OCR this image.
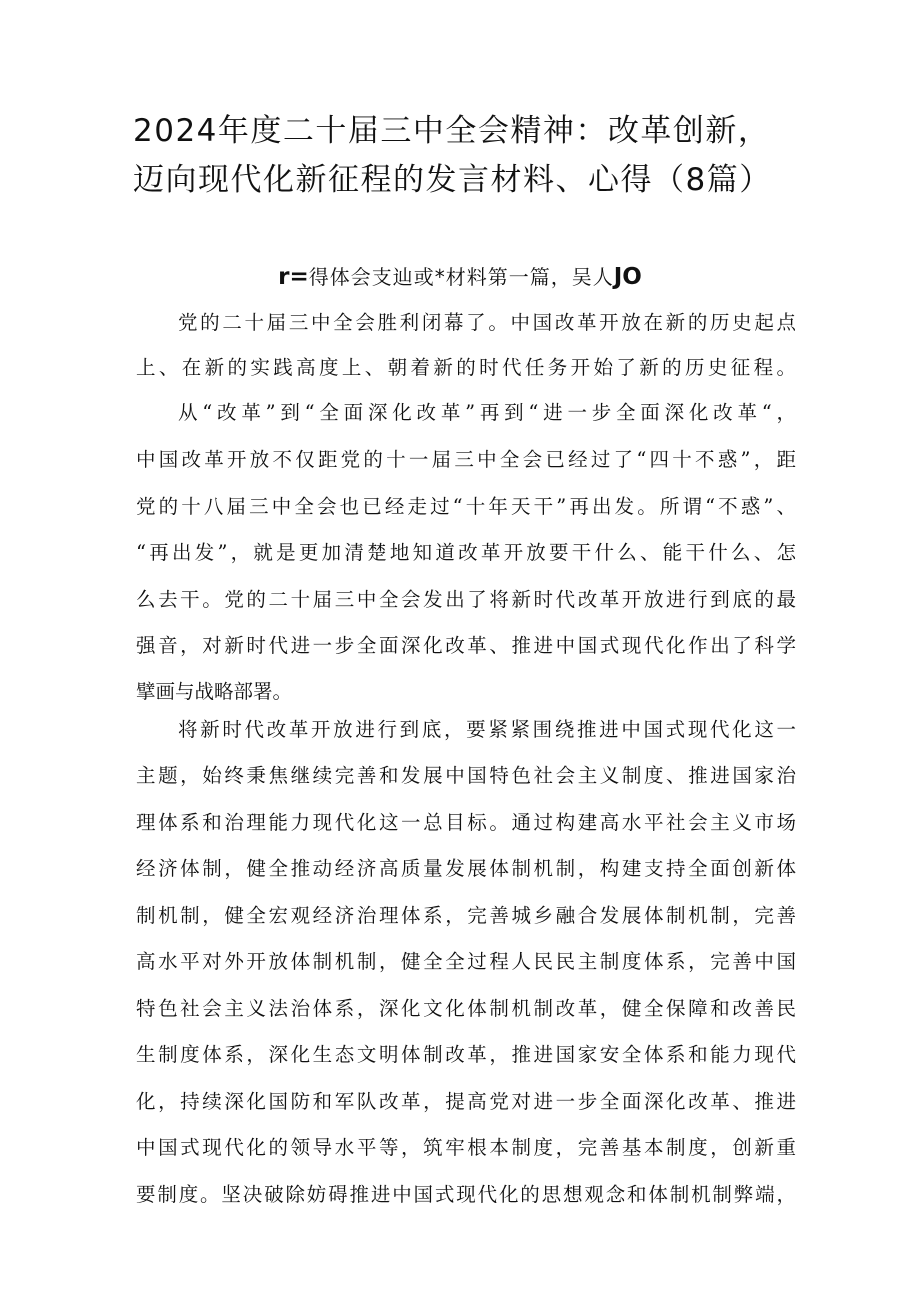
2024年度二十届三中全会精神：改革创新，
迈向现代化新征程的发言材料、心得（8篇）
r=得体会支辿或*材料第一篇，吴人JO
党的二十届三中全会胜利闭幕了。中国改革开放在新的历史起点
上、在新的实践高度上、朝着新的时代任务开始了新的历史征程。
从“改革”到“全面深化改革”再到“进一步全面深化改革“，
中国改革开放不仅距党的十一届三中全会已经过了“四十不惑”，距
党的十八届三中全会也已经走过“十年天干”再出发。所谓“不惑”、
“再出发”，就是更加清楚地知道改革开放要干什么、能干什么、怎
么去干。党的二十届三中全会发出了将新时代改革开放进行到底的最
强音，对新时代进一步全面深化改革、推进中国式现代化作出了科学
擘画与战略部署。
将新时代改革开放进行到底，要紧紧围绕推进中国式现代化这一
主题，始终秉焦继续完善和发展中国特色社会主义制度、推进国家治
理体系和治理能力现代化这一总目标。通过构建高水平社会主义市场
经济体制，健全推动经济高质量发展体制机制，构建支持全面创新体
制机制，健全宏观经济治理体系，完善城乡融合发展体制机制，完善
高水平对外开放体制机制，健全全过程人民民主制度体系，完善中国
特色社会主义法治体系，深化文化体制机制改革，健全保障和改善民
生制度体系，深化生态文明体制改革，推进国家安全体系和能力现代
化，持续深化国防和军队改革，提高党对进一步全面深化改革、推进
中国式现代化的领导水平等，筑牢根本制度，完善基本制度，创新重
要制度。坚决破除妨碍推进中国式现代化的思想观念和体制机制弊端，
